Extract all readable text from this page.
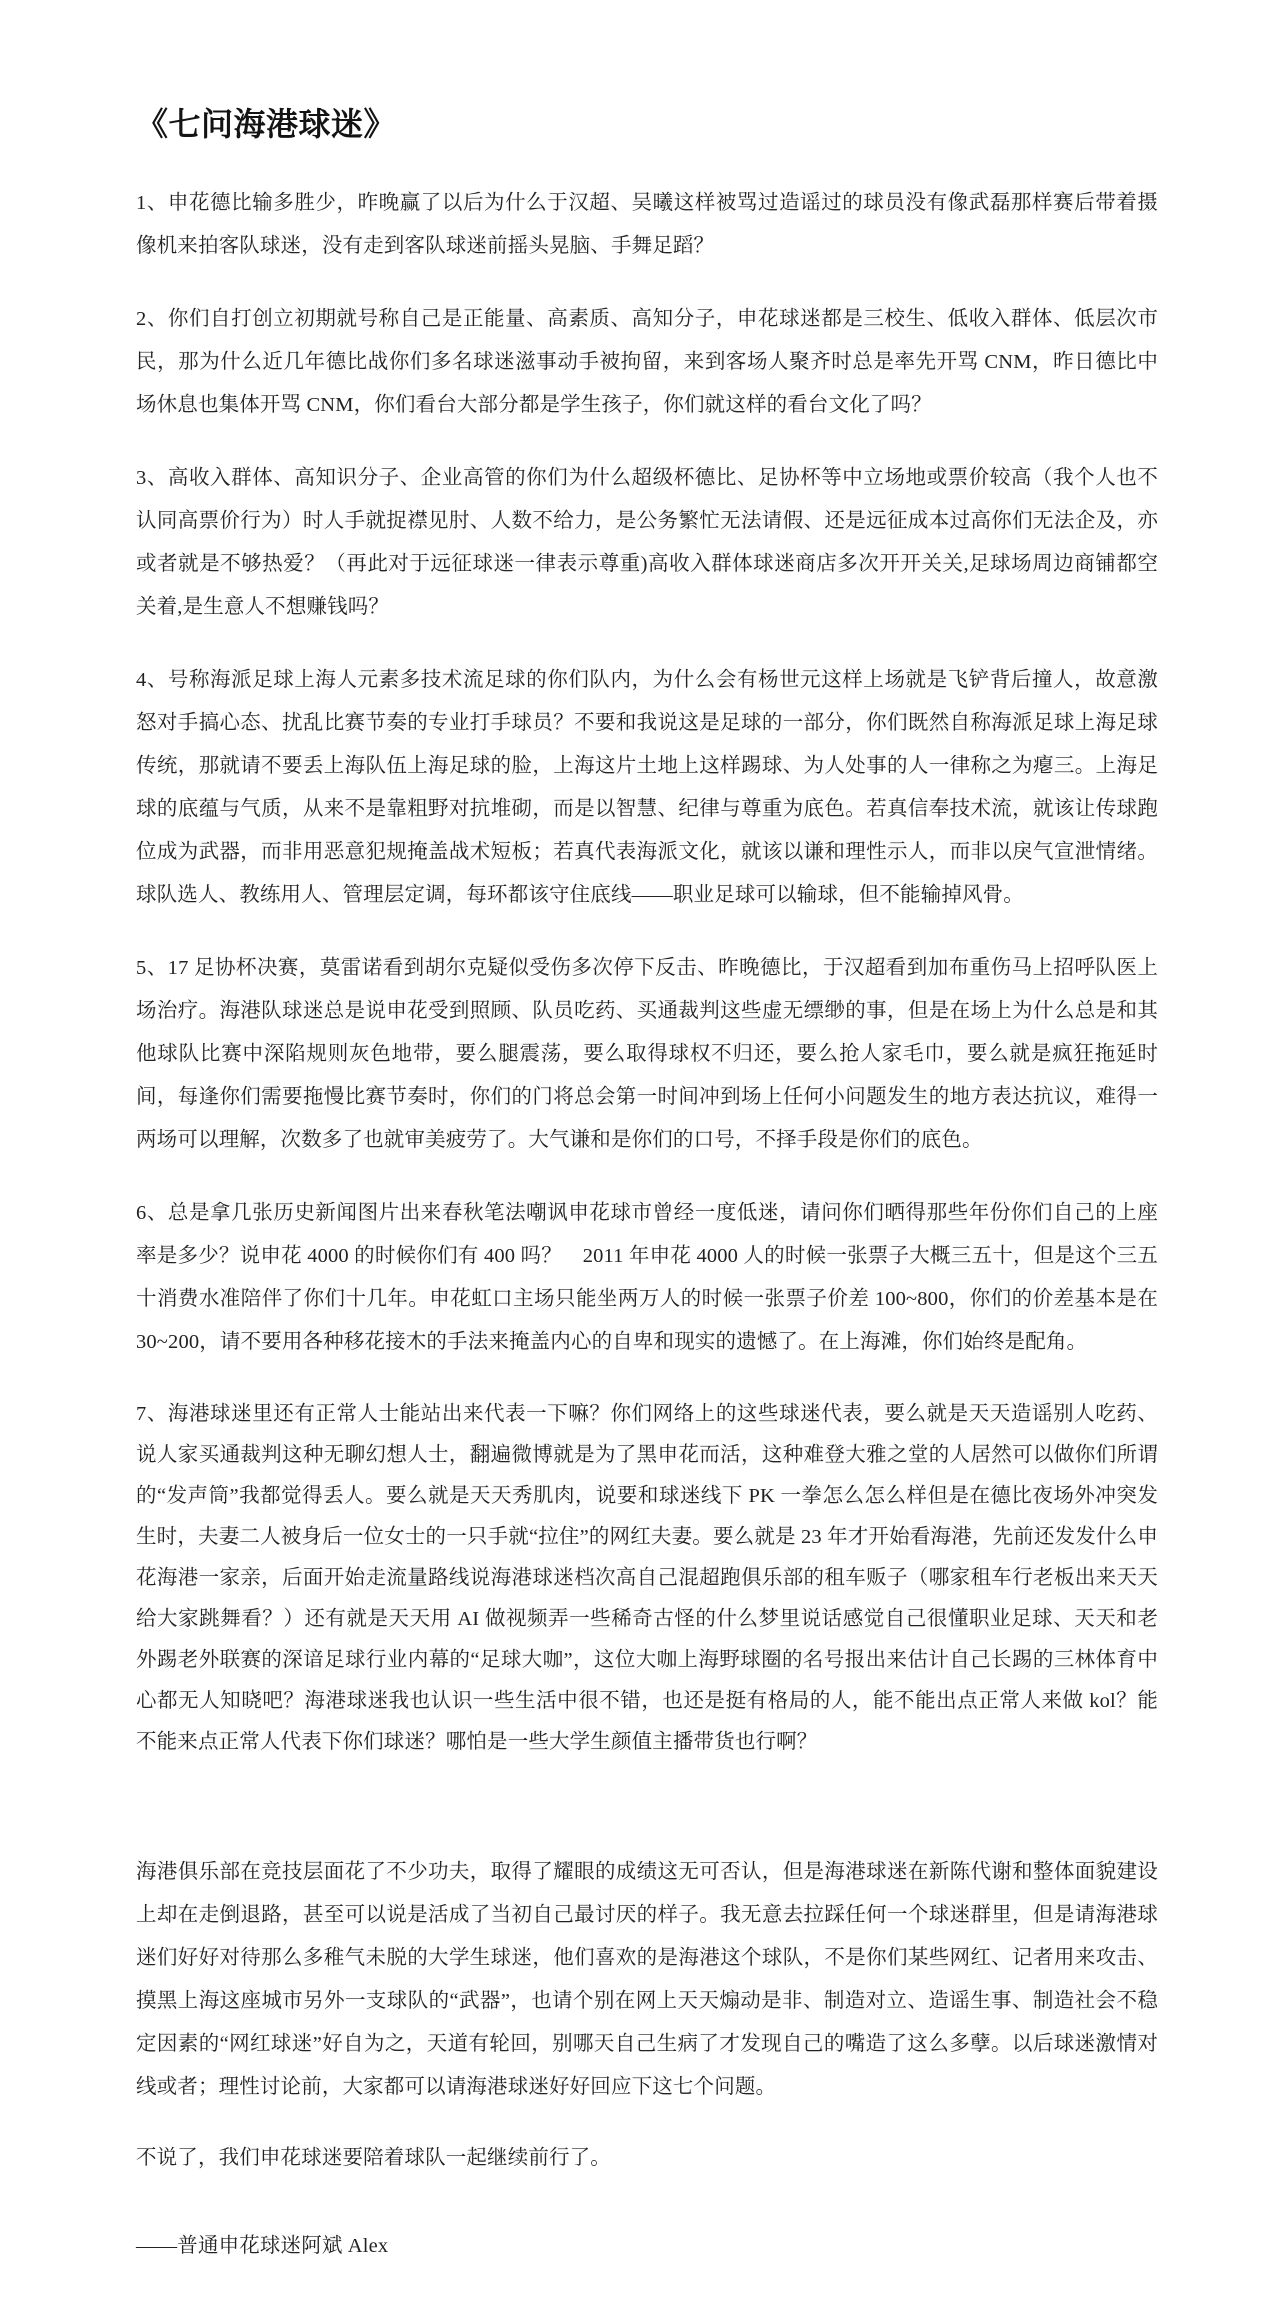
《七问海港球迷》

1、申花德比输多胜少，昨晚赢了以后为什么于汉超、吴曦这样被骂过造谣过的球员没有像武磊那样赛后带着摄像机来拍客队球迷，没有走到客队球迷前摇头晃脑、手舞足蹈？

2、你们自打创立初期就号称自己是正能量、高素质、高知分子，申花球迷都是三校生、低收入群体、低层次市民，那为什么近几年德比战你们多名球迷滋事动手被拘留，来到客场人聚齐时总是率先开骂 CNM，昨日德比中场休息也集体开骂 CNM，你们看台大部分都是学生孩子，你们就这样的看台文化了吗？

3、高收入群体、高知识分子、企业高管的你们为什么超级杯德比、足协杯等中立场地或票价较高（我个人也不认同高票价行为）时人手就捉襟见肘、人数不给力，是公务繁忙无法请假、还是远征成本过高你们无法企及，亦或者就是不够热爱？（再此对于远征球迷一律表示尊重)高收入群体球迷商店多次开开关关,足球场周边商铺都空关着,是生意人不想赚钱吗？

4、号称海派足球上海人元素多技术流足球的你们队内，为什么会有杨世元这样上场就是飞铲背后撞人，故意激怒对手搞心态、扰乱比赛节奏的专业打手球员？不要和我说这是足球的一部分，你们既然自称海派足球上海足球传统，那就请不要丢上海队伍上海足球的脸，上海这片土地上这样踢球、为人处事的人一律称之为瘪三。上海足球的底蕴与气质，从来不是靠粗野对抗堆砌，而是以智慧、纪律与尊重为底色。若真信奉技术流，就该让传球跑位成为武器，而非用恶意犯规掩盖战术短板；若真代表海派文化，就该以谦和理性示人，而非以戾气宣泄情绪。球队选人、教练用人、管理层定调，每环都该守住底线——职业足球可以输球，但不能输掉风骨。

5、17 足协杯决赛，莫雷诺看到胡尔克疑似受伤多次停下反击、昨晚德比，于汉超看到加布重伤马上招呼队医上场治疗。海港队球迷总是说申花受到照顾、队员吃药、买通裁判这些虚无缥缈的事，但是在场上为什么总是和其他球队比赛中深陷规则灰色地带，要么腿震荡，要么取得球权不归还，要么抢人家毛巾，要么就是疯狂拖延时间，每逢你们需要拖慢比赛节奏时，你们的门将总会第一时间冲到场上任何小问题发生的地方表达抗议，难得一两场可以理解，次数多了也就审美疲劳了。大气谦和是你们的口号，不择手段是你们的底色。

6、总是拿几张历史新闻图片出来春秋笔法嘲讽申花球市曾经一度低迷，请问你们晒得那些年份你们自己的上座率是多少？说申花 4000 的时候你们有 400 吗？　2011 年申花 4000 人的时候一张票子大概三五十，但是这个三五十消费水准陪伴了你们十几年。申花虹口主场只能坐两万人的时候一张票子价差 100~800，你们的价差基本是在 30~200，请不要用各种移花接木的手法来掩盖内心的自卑和现实的遗憾了。在上海滩，你们始终是配角。

7、海港球迷里还有正常人士能站出来代表一下嘛？你们网络上的这些球迷代表，要么就是天天造谣别人吃药、说人家买通裁判这种无聊幻想人士，翻遍微博就是为了黑申花而活，这种难登大雅之堂的人居然可以做你们所谓的“发声筒”我都觉得丢人。要么就是天天秀肌肉，说要和球迷线下 PK 一拳怎么怎么样但是在德比夜场外冲突发生时，夫妻二人被身后一位女士的一只手就“拉住”的网红夫妻。要么就是 23 年才开始看海港，先前还发发什么申花海港一家亲，后面开始走流量路线说海港球迷档次高自己混超跑俱乐部的租车贩子（哪家租车行老板出来天天给大家跳舞看？）还有就是天天用 AI 做视频弄一些稀奇古怪的什么梦里说话感觉自己很懂职业足球、天天和老外踢老外联赛的深谙足球行业内幕的“足球大咖”，这位大咖上海野球圈的名号报出来估计自己长踢的三林体育中心都无人知晓吧？海港球迷我也认识一些生活中很不错，也还是挺有格局的人，能不能出点正常人来做 kol？能不能来点正常人代表下你们球迷？哪怕是一些大学生颜值主播带货也行啊？

海港俱乐部在竞技层面花了不少功夫，取得了耀眼的成绩这无可否认，但是海港球迷在新陈代谢和整体面貌建设上却在走倒退路，甚至可以说是活成了当初自己最讨厌的样子。我无意去拉踩任何一个球迷群里，但是请海港球迷们好好对待那么多稚气未脱的大学生球迷，他们喜欢的是海港这个球队，不是你们某些网红、记者用来攻击、摸黑上海这座城市另外一支球队的“武器”，也请个别在网上天天煽动是非、制造对立、造谣生事、制造社会不稳定因素的“网红球迷”好自为之，天道有轮回，别哪天自己生病了才发现自己的嘴造了这么多孽。以后球迷激情对线或者；理性讨论前，大家都可以请海港球迷好好回应下这七个问题。

不说了，我们申花球迷要陪着球队一起继续前行了。

——普通申花球迷阿斌 Alex
